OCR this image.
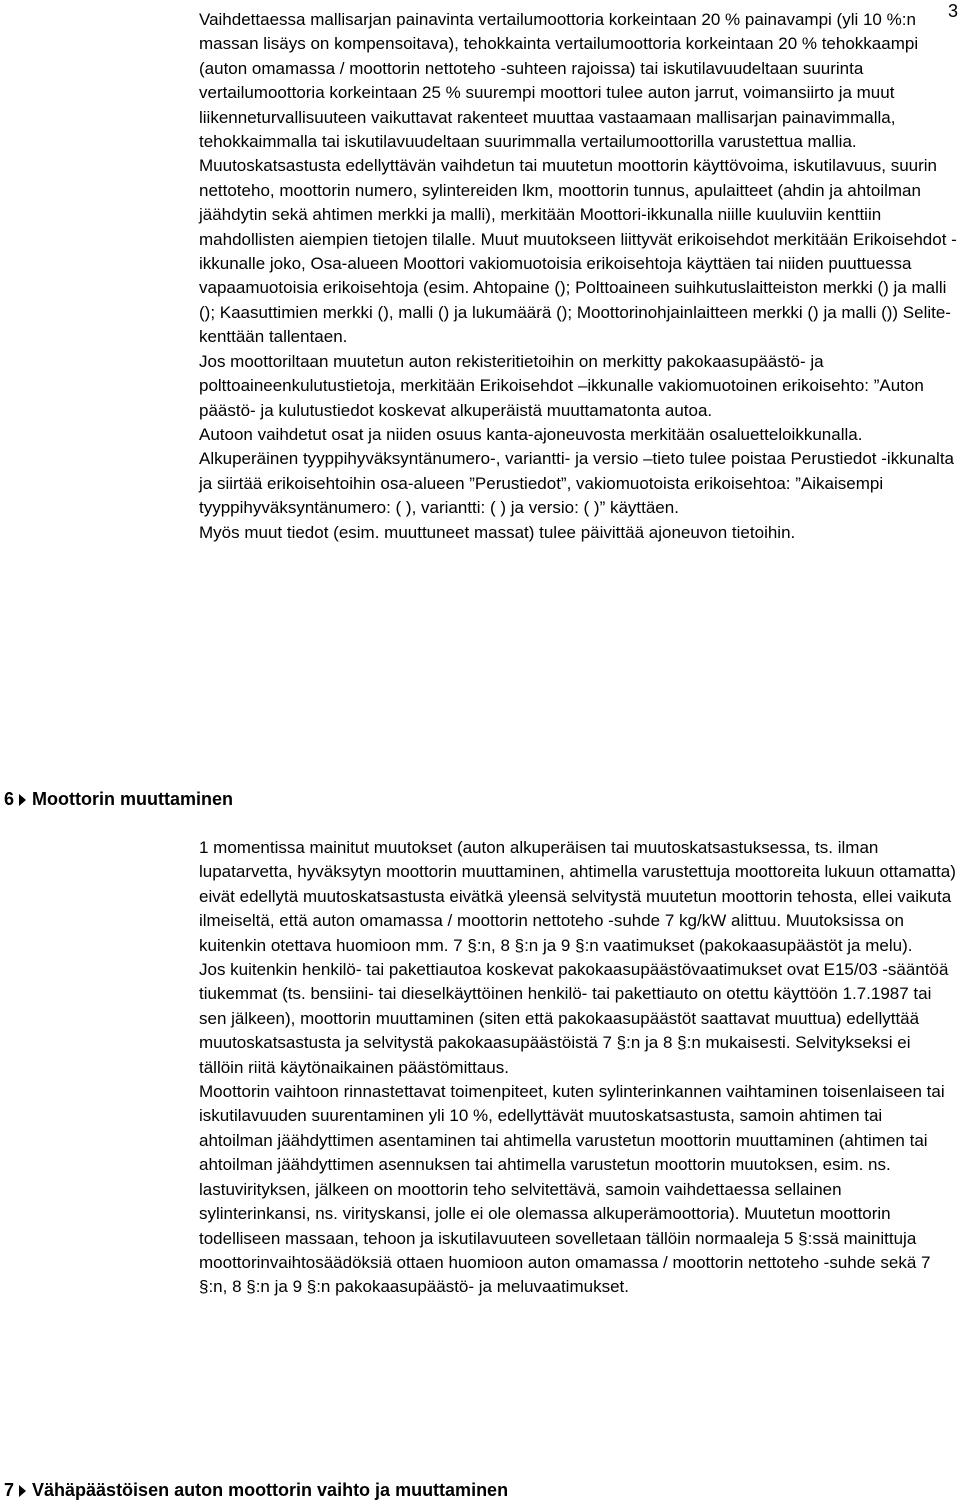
3

Vaihdettaessa mallisarjan painavinta vertailumoottoria korkeintaan 20 % painavampi (yli 10 %:n massan lisäys on kompensoitava), tehokkainta vertailumoottoria korkeintaan 20 % tehokkaampi (auton omamassa / moottorin nettoteho -suhteen rajoissa) tai iskutilavuudeltaan suurinta vertailumoottoria korkeintaan 25 % suurempi moottori tulee auton jarrut, voimansiirto ja muut liikenneturvallisuuteen vaikuttavat rakenteet muuttaa vastaamaan mallisarjan painavimmalla, tehokkaimmalla tai iskutilavuudeltaan suurimmalla vertailumoottorilla varustettua mallia.

Muutoskatsastusta edellyttävän vaihdetun tai muutetun moottorin käyttövoima, iskutilavuus, suurin nettoteho, moottorin numero, sylintereiden lkm, moottorin tunnus, apulaitteet (ahdin ja ahtoilman jäähdytin sekä ahtimen merkki ja malli), merkitään Moottori-ikkunalla niille kuuluviin kenttiin mahdollisten aiempien tietojen tilalle. Muut muutokseen liittyvät erikoisehdot merkitään Erikoisehdot -ikkunalle joko, Osa-alueen Moottori vakiomuotoisia erikoisehtoja käyttäen tai niiden puuttuessa vapaamuotoisia erikoisehtoja (esim. Ahtopaine (); Polttoaineen suihkutuslaitteiston merkki () ja malli (); Kaasuttimien merkki (), malli () ja lukumäärä (); Moottorinohjainlaitteen merkki () ja malli ()) Selite-kenttään tallentaen.

Jos moottoriltaan muutetun auton rekisteritietoihin on merkitty pakokaasupäästö- ja polttoaineenkulutustietoja, merkitään Erikoisehdot –ikkunalle vakiomuotoinen erikoisehto: ”Auton päästö- ja kulutustiedot koskevat alkuperäistä muuttamatonta autoa.

Autoon vaihdetut osat ja niiden osuus kanta-ajoneuvosta merkitään osaluetteloikkunalla.

Alkuperäinen tyyppihyväksyntänumero-, variantti- ja versio –tieto tulee poistaa Perustiedot -ikkunalta ja siirtää erikoisehtoihin osa-alueen ”Perustiedot”, vakiomuotoista erikoisehtoa: ”Aikaisempi tyyppihyväksyntänumero: ( ), variantti: ( ) ja versio: ( )” käyttäen.

Myös muut tiedot (esim. muuttuneet massat) tulee päivittää ajoneuvon tietoihin.

6 Moottorin muuttaminen

1 momentissa mainitut muutokset (auton alkuperäisen tai muutoskatsastuksessa, ts. ilman lupatarvetta, hyväksytyn moottorin muuttaminen, ahtimella varustettuja moottoreita lukuun ottamatta) eivät edellytä muutoskatsastusta eivätkä yleensä selvitystä muutetun moottorin tehosta, ellei vaikuta ilmeiseltä, että auton omamassa / moottorin nettoteho -suhde 7 kg/kW alittuu. Muutoksissa on kuitenkin otettava huomioon mm. 7 §:n, 8 §:n ja 9 §:n vaatimukset (pakokaasupäästöt ja melu).

Jos kuitenkin henkilö- tai pakettiautoa koskevat pakokaasupäästövaatimukset ovat E15/03 -sääntöä tiukemmat (ts. bensiini- tai dieselkäyttöinen henkilö- tai pakettiauto on otettu käyttöön 1.7.1987 tai sen jälkeen), moottorin muuttaminen (siten että pakokaasupäästöt saattavat muuttua) edellyttää muutoskatsastusta ja selvitystä pakokaasupäästöistä 7 §:n ja 8 §:n mukaisesti. Selvitykseksi ei tällöin riitä käytönaikainen päästömittaus.

Moottorin vaihtoon rinnastettavat toimenpiteet, kuten sylinterinkannen vaihtaminen toisenlaiseen tai iskutilavuuden suurentaminen yli 10 %, edellyttävät muutoskatsastusta, samoin ahtimen tai ahtoilman jäähdyttimen asentaminen tai ahtimella varustetun moottorin muuttaminen (ahtimen tai ahtoilman jäähdyttimen asennuksen tai ahtimella varustetun moottorin muutoksen, esim. ns. lastuvirityksen, jälkeen on moottorin teho selvitettävä, samoin vaihdettaessa sellainen sylinterinkansi, ns. virityskansi, jolle ei ole olemassa alkuperämoottoria). Muutetun moottorin todelliseen massaan, tehoon ja iskutilavuuteen sovelletaan tällöin normaaleja 5 §:ssä mainittuja moottorinvaihtosäädöksiä ottaen huomioon auton omamassa / moottorin nettoteho -suhde sekä 7 §:n, 8 §:n ja 9 §:n pakokaasupäästö- ja meluvaatimukset.

7 Vähäpäästöisen auton moottorin vaihto ja muuttaminen
